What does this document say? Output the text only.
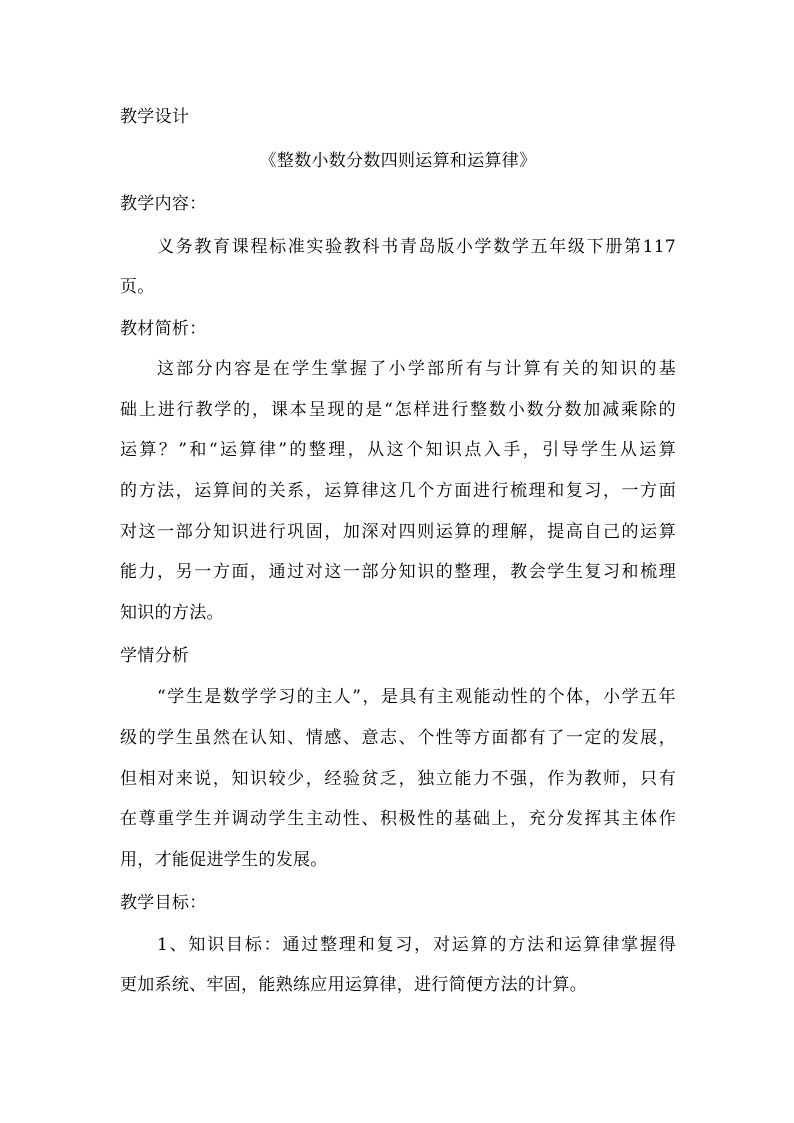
教学设计
《整数小数分数四则运算和运算律》
教学内容：
义务教育课程标准实验教科书青岛版小学数学五年级下册第117
页。
教材简析：
这部分内容是在学生掌握了小学部所有与计算有关的知识的基
础上进行教学的，课本呈现的是“怎样进行整数小数分数加减乘除的
运算？”和“运算律”的整理，从这个知识点入手，引导学生从运算
的方法，运算间的关系，运算律这几个方面进行梳理和复习，一方面
对这一部分知识进行巩固，加深对四则运算的理解，提高自己的运算
能力，另一方面，通过对这一部分知识的整理，教会学生复习和梳理
知识的方法。
学情分析
“学生是数学学习的主人”，是具有主观能动性的个体，小学五年
级的学生虽然在认知、情感、意志、个性等方面都有了一定的发展，
但相对来说，知识较少，经验贫乏，独立能力不强，作为教师，只有
在尊重学生并调动学生主动性、积极性的基础上，充分发挥其主体作
用，才能促进学生的发展。
教学目标：
1、知识目标：通过整理和复习，对运算的方法和运算律掌握得
更加系统、牢固，能熟练应用运算律，进行简便方法的计算。
